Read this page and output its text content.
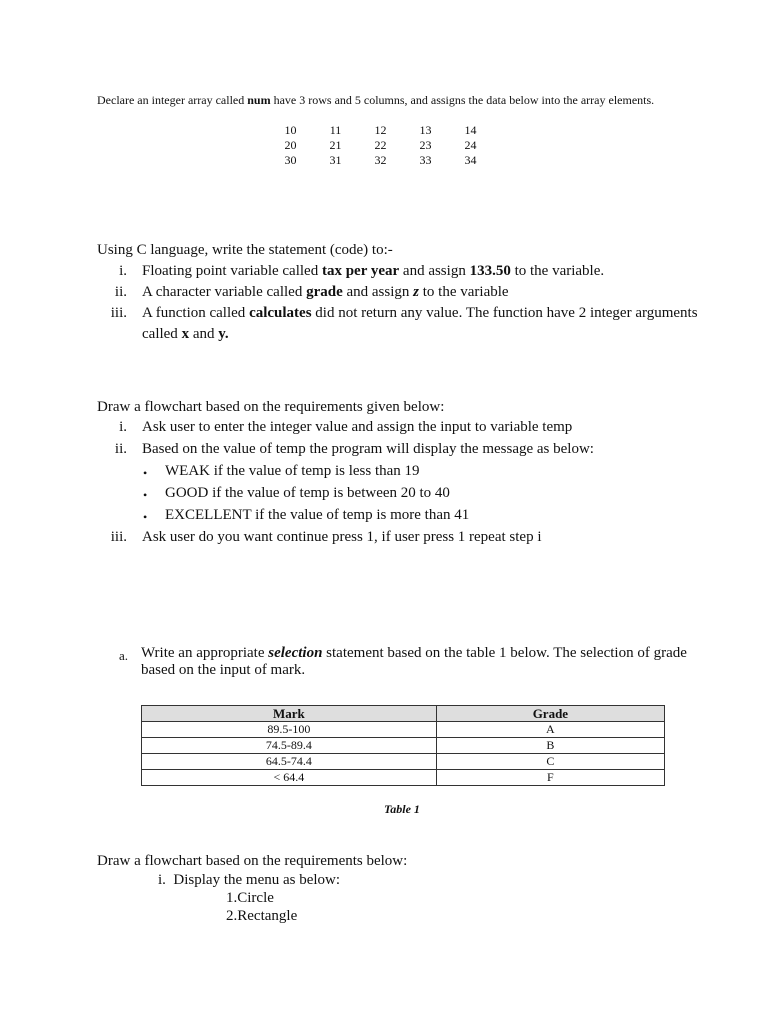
Declare an integer array called num have 3 rows and 5 columns, and assigns the data below into the array elements.

10	11	12	13	14
20	21	22	23	24
30	31	32	33	34

Using C language, write the statement (code) to:-

i. Floating point variable called tax per year and assign 133.50 to the variable.
ii. A character variable called grade and assign z to the variable
iii. A function called calculates did not return any value. The function have 2 integer arguments
called x and y.

Draw a flowchart based on the requirements given below:

i. Ask user to enter the integer value and assign the input to variable temp
ii. Based on the value of temp the program will display the message as below:
• WEAK if the value of temp is less than 19
• GOOD if the value of temp is between 20 to 40
• EXCELLENT if the value of temp is more than 41
iii. Ask user do you want continue press 1, if user press 1 repeat step i
a. Write an appropriate selection statement based on the table 1 below. The selection of grade

based on the input of mark.

Mark	Grade
89.5-100	A
74.5-89.4	B
64.5-74.4	C
< 64.4	F

Table 1

Draw a flowchart based on the requirements below:

i. Display the menu as below:

1.Circle

2.Rectangle
